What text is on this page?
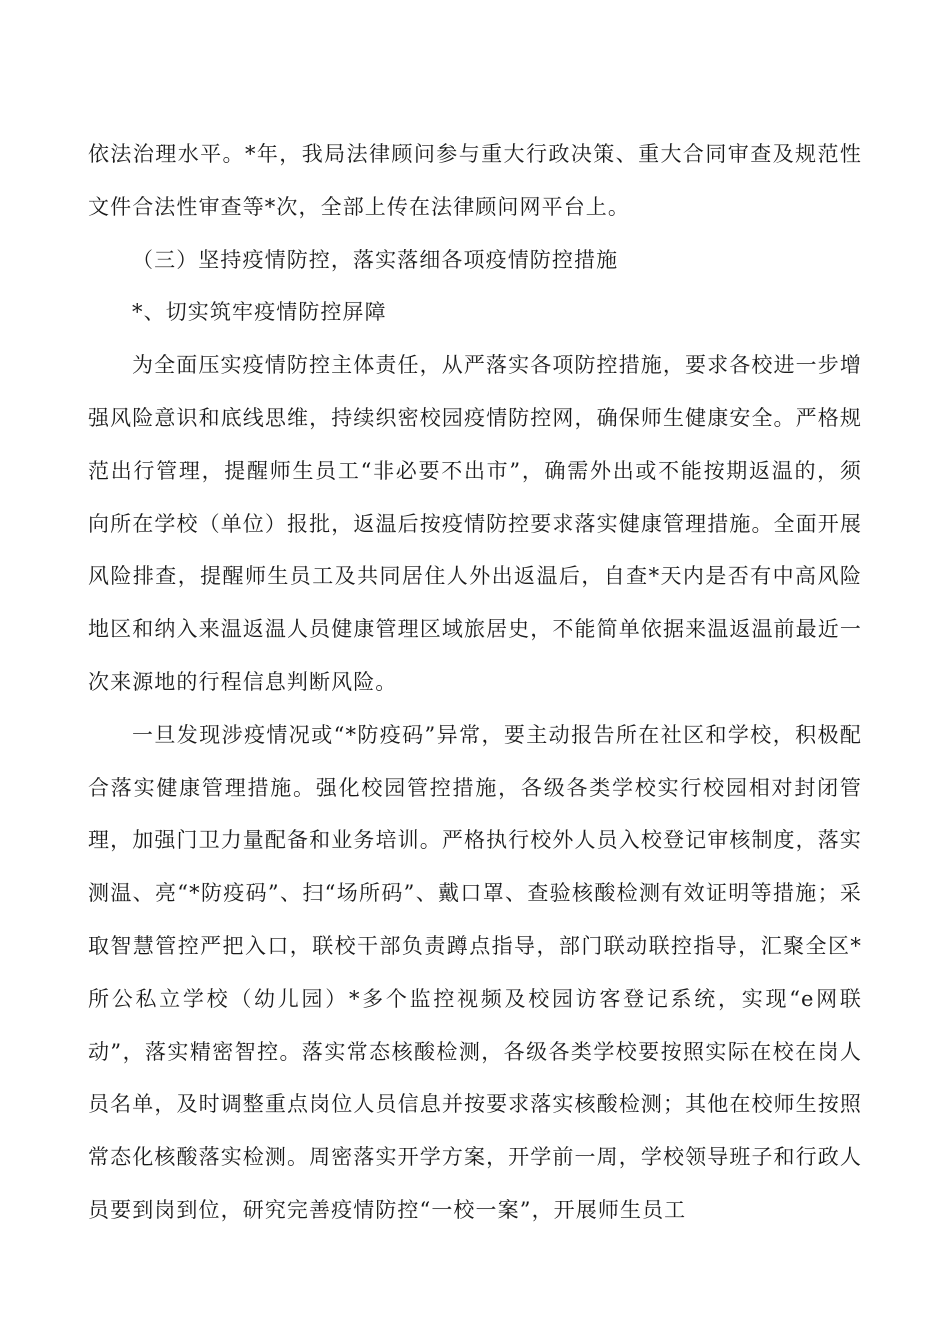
依法治理水平。*年，我局法律顾问参与重大行政决策、重大合同审查及规范性文件合法性审查等*次，全部上传在法律顾问网平台上。

（三）坚持疫情防控，落实落细各项疫情防控措施

*、切实筑牢疫情防控屏障

为全面压实疫情防控主体责任，从严落实各项防控措施，要求各校进一步增强风险意识和底线思维，持续织密校园疫情防控网，确保师生健康安全。严格规范出行管理，提醒师生员工“非必要不出市”，确需外出或不能按期返温的，须向所在学校（单位）报批，返温后按疫情防控要求落实健康管理措施。全面开展风险排查，提醒师生员工及共同居住人外出返温后，自查*天内是否有中高风险地区和纳入来温返温人员健康管理区域旅居史，不能简单依据来温返温前最近一次来源地的行程信息判断风险。

一旦发现涉疫情况或“*防疫码”异常，要主动报告所在社区和学校，积极配合落实健康管理措施。强化校园管控措施，各级各类学校实行校园相对封闭管理，加强门卫力量配备和业务培训。严格执行校外人员入校登记审核制度，落实测温、亮“*防疫码”、扫“场所码”、戴口罩、查验核酸检测有效证明等措施；采取智慧管控严把入口，联校干部负责蹲点指导，部门联动联控指导，汇聚全区*所公私立学校（幼儿园）*多个监控视频及校园访客登记系统，实现“e网联动”，落实精密智控。落实常态核酸检测，各级各类学校要按照实际在校在岗人员名单，及时调整重点岗位人员信息并按要求落实核酸检测；其他在校师生按照常态化核酸落实检测。周密落实开学方案，开学前一周，学校领导班子和行政人员要到岗到位，研究完善疫情防控“一校一案”，开展师生员工
